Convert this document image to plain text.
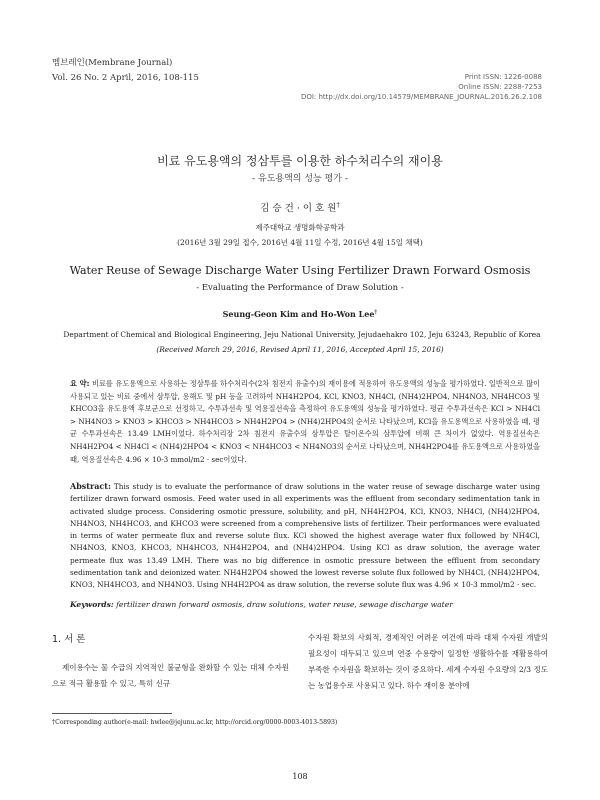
멤브레인(Membrane Journal)
Vol. 26 No. 2 April, 2016, 108-115	Print ISSN: 1226-0088
Online ISSN: 2288-7253
DOI: http://dx.doi.org/10.14579/MEMBRANE_JOURNAL.2016.26.2.108
비료 유도용액의 정삼투를 이용한 하수처리수의 재이용
- 유도용액의 성능 평가 -
김 승 건 · 이 호 원†
제주대학교 생명화학공학과
(2016년 3월 29일 접수, 2016년 4월 11일 수정, 2016년 4월 15일 채택)
Water Reuse of Sewage Discharge Water Using Fertilizer Drawn Forward Osmosis
- Evaluating the Performance of Draw Solution -
Seung-Geon Kim and Ho-Won Lee†
Department of Chemical and Biological Engineering, Jeju National University, Jejudaehakro 102, Jeju 63243, Republic of Korea
(Received March 29, 2016, Revised April 11, 2016, Accepted April 15, 2016)
요 약: 비료를 유도용액으로 사용하는 정삼투를 하수처리수(2차 침전지 유출수)의 재이용에 적용하여 유도용액의 성능을 평가하였다. 일반적으로 많이 사용되고 있는 비료 중에서 삼투압, 용해도 및 pH 등을 고려하여 NH4H2PO4, KCl, KNO3, NH4Cl, (NH4)2HPO4, NH4NO3, NH4HCO3 및 KHCO3을 유도용액 후보군으로 선정하고, 수투과선속 및 역용질선속을 측정하여 유도용액의 성능을 평가하였다. 평균 수투과선속은 KCl > NH4Cl > NH4NO3 > KNO3 > KHCO3 > NH4HCO3 > NH4H2PO4 > (NH4)2HPO4의 순서로 나타났으며, KCl을 유도용액으로 사용하였을 때, 평균 수투과선속은 13.49 LMH이었다. 하수처리장 2차 침전지 유출수의 삼투압은 탈이온수의 삼투압에 비해 큰 차이가 없었다. 역용질선속은 NH4H2PO4 < NH4Cl < (NH4)2HPO4 < KNO3 < NH4HCO3 < NH4NO3의 순서로 나타났으며, NH4H2PO4를 유도용액으로 사용하였을 때, 역용질선속은 4.96 × 10-3 mmol/m2 · sec이었다.
Abstract: This study is to evaluate the performance of draw solutions in the water reuse of sewage discharge water using fertilizer drawn forward osmosis. Feed water used in all experiments was the effluent from secondary sedimentation tank in activated sludge process. Considering osmotic pressure, solubility, and pH, NH4H2PO4, KCl, KNO3, NH4Cl, (NH4)2HPO4, NH4NO3, NH4HCO3, and KHCO3 were screened from a comprehensive lists of fertilizer. Their performances were evaluated in terms of water permeate flux and reverse solute flux. KCl showed the highest average water flux followed by NH4Cl, NH4NO3, KNO3, KHCO3, NH4HCO3, NH4H2PO4, and (NH4)2HPO4. Using KCl as draw solution, the average water permeate flux was 13.49 LMH. There was no big difference in osmotic pressure between the effluent from secondary sedimentation tank and deionized water. NH4H2PO4 showed the lowest reverse solute flux followed by NH4Cl, (NH4)2HPO4, KNO3, NH4HCO3, and NH4NO3. Using NH4H2PO4 as draw solution, the reverse solute flux was 4.96 × 10-3 mmol/m2 · sec.
Keywords: fertilizer drawn forward osmosis, draw solutions, water reuse, sewage discharge water
1. 서 론
제이용수는 물 수급의 지역적인 불균형을 완화할 수 있는 대체 수자원으로 적극 활용할 수 있고, 특히 신규
수자원 확보의 사회적, 경제적인 어려운 여건에 따라 대체 수자원 개발의 필요성이 대두되고 있으며 연중 수용량이 일정한 생활하수를 재활용하여 부족한 수자원을 확보하는 것이 중요하다. 세계 수자원 수요량의 2/3 정도는 농업용수로 사용되고 있다. 하수 재이용 분야에
†Corresponding author(e-mail: hwlee@jejunu.ac.kr, http://orcid.org/0000-0003-4013-5893)
108
